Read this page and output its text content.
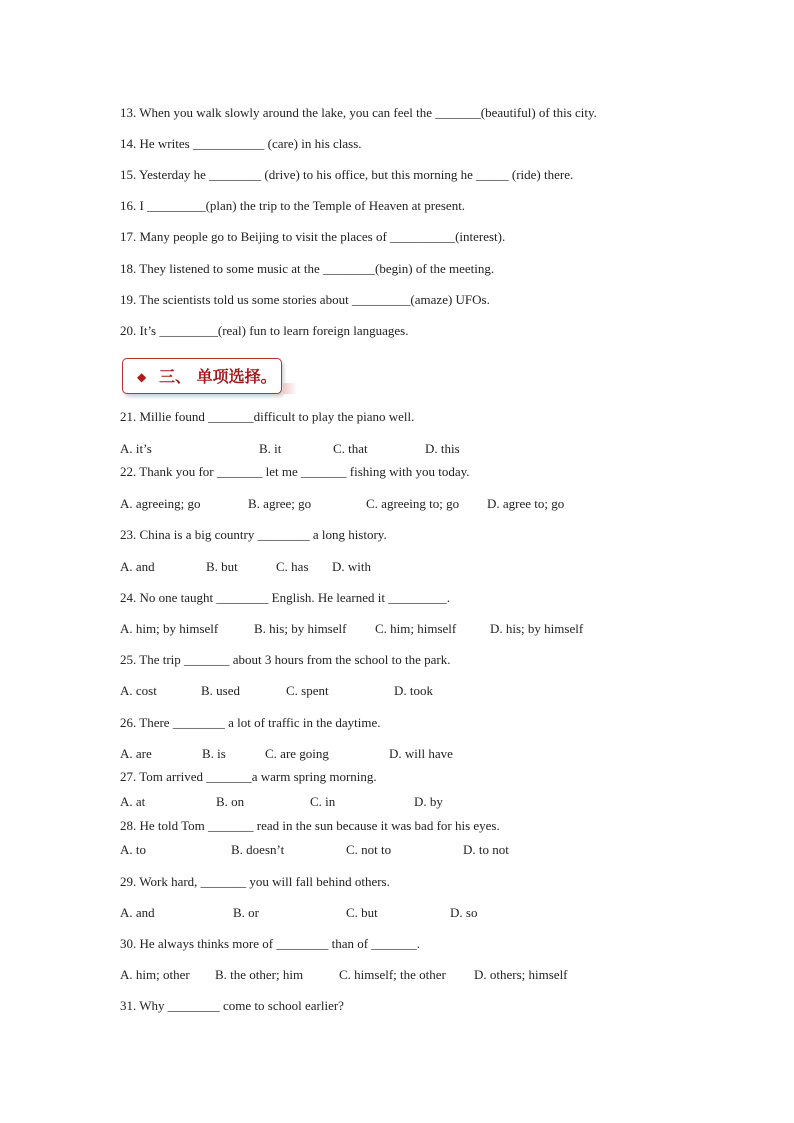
13. When you walk slowly around the lake, you can feel the _______(beautiful) of this city.
14. He writes ___________ (care) in his class.
15. Yesterday he ________ (drive) to his office, but this morning he _____ (ride) there.
16. I _________(plan) the trip to the Temple of Heaven at present.
17. Many people go to Beijing to visit the places of __________(interest).
18. They listened to some music at the ________(begin) of the meeting.
19. The scientists told us some stories about _________(amaze) UFOs.
20. It’s _________(real) fun to learn foreign languages.
◆ 三、 单项选择。
21. Millie found _______difficult to play the piano well.
A. it’s	B. it	C. that	D. this
22. Thank you for _______ let me _______ fishing with you today.
A. agreeing; go	B. agree; go	C. agreeing to; go D. agree to; go
23. China is a big country ________ a long history.
A. and	B. but	C. has D. with
24. No one taught ________ English. He learned it _________.
A. him; by himself	B. his; by himself C. him; himself	D. his; by himself
25. The trip _______ about 3 hours from the school to the park.
A. cost	B. used	C. spent	D. took
26. There ________ a lot of traffic in the daytime.
A. are	B. is	C. are going	D. will have
27. Tom arrived _______a warm spring morning.
A. at	B. on	C. in	D. by
28. He told Tom _______ read in the sun because it was bad for his eyes.
A. to	B. doesn’t	C. not to	D. to not
29. Work hard, _______ you will fall behind others.
A. and	B. or	C. but	D. so
30. He always thinks more of ________ than of _______.
A. him; other B. the other; him	C. himself; the other D. others; himself
31. Why ________ come to school earlier?
